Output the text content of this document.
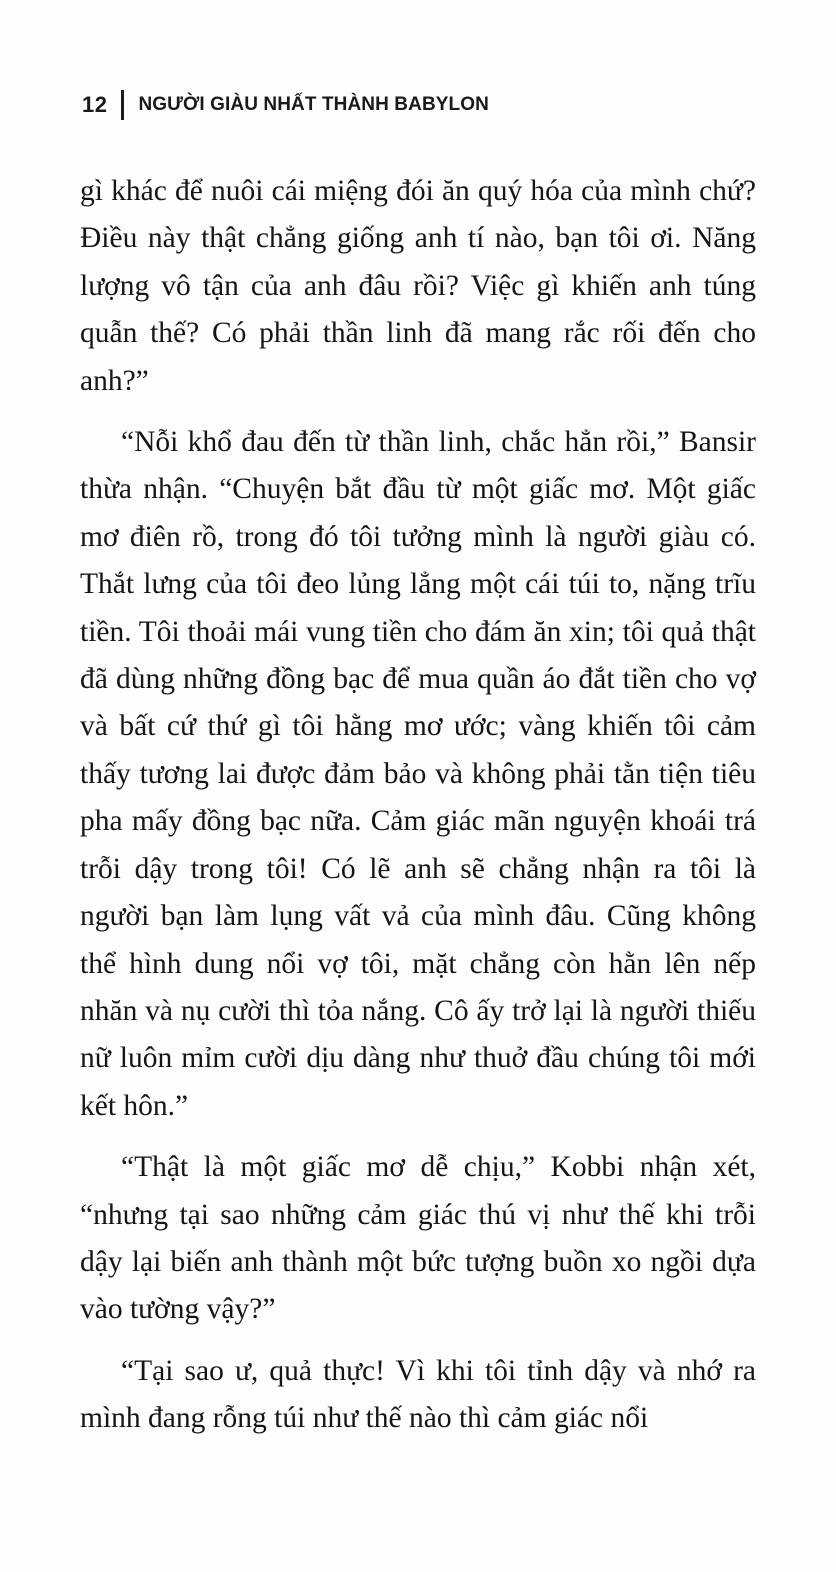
12 NGƯỜI GIÀU NHẤT THÀNH BABYLON

gì khác để nuôi cái miệng đói ăn quý hóa của mình chứ? Điều này thật chẳng giống anh tí nào, bạn tôi ơi. Năng lượng vô tận của anh đâu rồi? Việc gì khiến anh túng quẫn thế? Có phải thần linh đã mang rắc rối đến cho anh?”

“Nỗi khổ đau đến từ thần linh, chắc hẳn rồi,” Bansir thừa nhận. “Chuyện bắt đầu từ một giấc mơ. Một giấc mơ điên rồ, trong đó tôi tưởng mình là người giàu có. Thắt lưng của tôi đeo lủng lẳng một cái túi to, nặng trĩu tiền. Tôi thoải mái vung tiền cho đám ăn xin; tôi quả thật đã dùng những đồng bạc để mua quần áo đắt tiền cho vợ và bất cứ thứ gì tôi hằng mơ ước; vàng khiến tôi cảm thấy tương lai được đảm bảo và không phải tằn tiện tiêu pha mấy đồng bạc nữa. Cảm giác mãn nguyện khoái trá trỗi dậy trong tôi! Có lẽ anh sẽ chẳng nhận ra tôi là người bạn làm lụng vất vả của mình đâu. Cũng không thể hình dung nổi vợ tôi, mặt chẳng còn hằn lên nếp nhăn và nụ cười thì tỏa nắng. Cô ấy trở lại là người thiếu nữ luôn mỉm cười dịu dàng như thuở đầu chúng tôi mới kết hôn.”

“Thật là một giấc mơ dễ chịu,” Kobbi nhận xét, “nhưng tại sao những cảm giác thú vị như thế khi trỗi dậy lại biến anh thành một bức tượng buồn xo ngồi dựa vào tường vậy?”

“Tại sao ư, quả thực! Vì khi tôi tỉnh dậy và nhớ ra mình đang rỗng túi như thế nào thì cảm giác nổi
